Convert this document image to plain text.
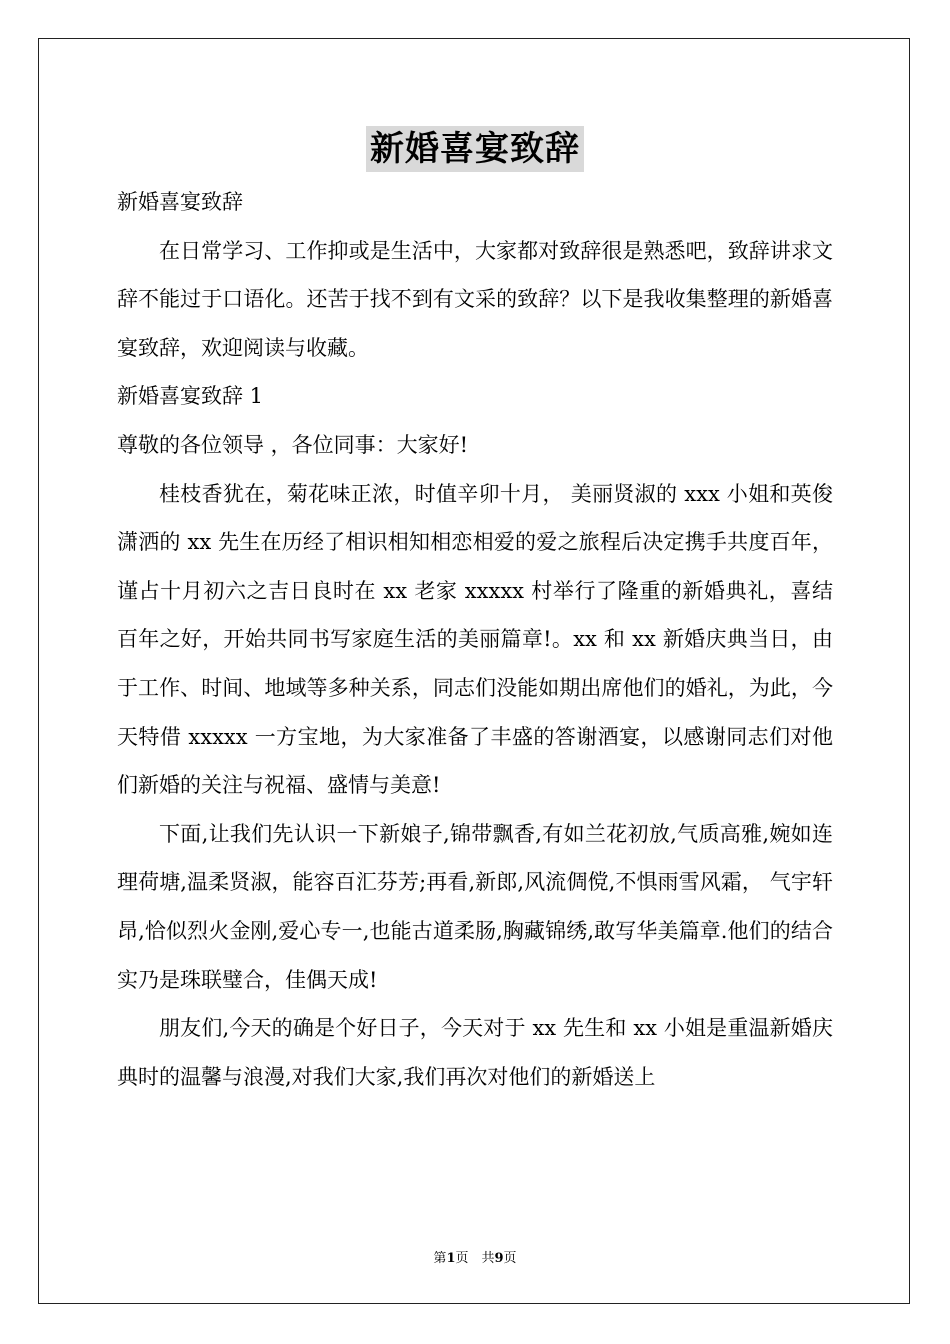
新婚喜宴致辞

新婚喜宴致辞

在日常学习、工作抑或是生活中，大家都对致辞很是熟悉吧，致辞讲求文辞不能过于口语化。还苦于找不到有文采的致辞？以下是我收集整理的新婚喜宴致辞，欢迎阅读与收藏。

新婚喜宴致辞 1

尊敬的各位领导 ，各位同事：大家好!

桂枝香犹在，菊花味正浓，时值辛卯十月， 美丽贤淑的 xxx 小姐和英俊潇洒的 xx 先生在历经了相识相知相恋相爱的爱之旅程后决定携手共度百年，谨占十月初六之吉日良时在 xx 老家 xxxxx 村举行了隆重的新婚典礼，喜结百年之好，开始共同书写家庭生活的美丽篇章!。xx 和 xx 新婚庆典当日，由于工作、时间、地域等多种关系，同志们没能如期出席他们的婚礼，为此，今天特借 xxxxx 一方宝地，为大家准备了丰盛的答谢酒宴，以感谢同志们对他们新婚的关注与祝福、盛情与美意!

下面,让我们先认识一下新娘子,锦带飘香,有如兰花初放,气质高雅,婉如连理荷塘,温柔贤淑，能容百汇芬芳;再看,新郎,风流倜傥,不惧雨雪风霜， 气宇轩昂,恰似烈火金刚,爱心专一,也能古道柔肠,胸藏锦绣,敢写华美篇章.他们的结合实乃是珠联璧合，佳偶天成!

朋友们,今天的确是个好日子，今天对于 xx 先生和 xx 小姐是重温新婚庆典时的温馨与浪漫,对我们大家,我们再次对他们的新婚送上

第1页　共9页
